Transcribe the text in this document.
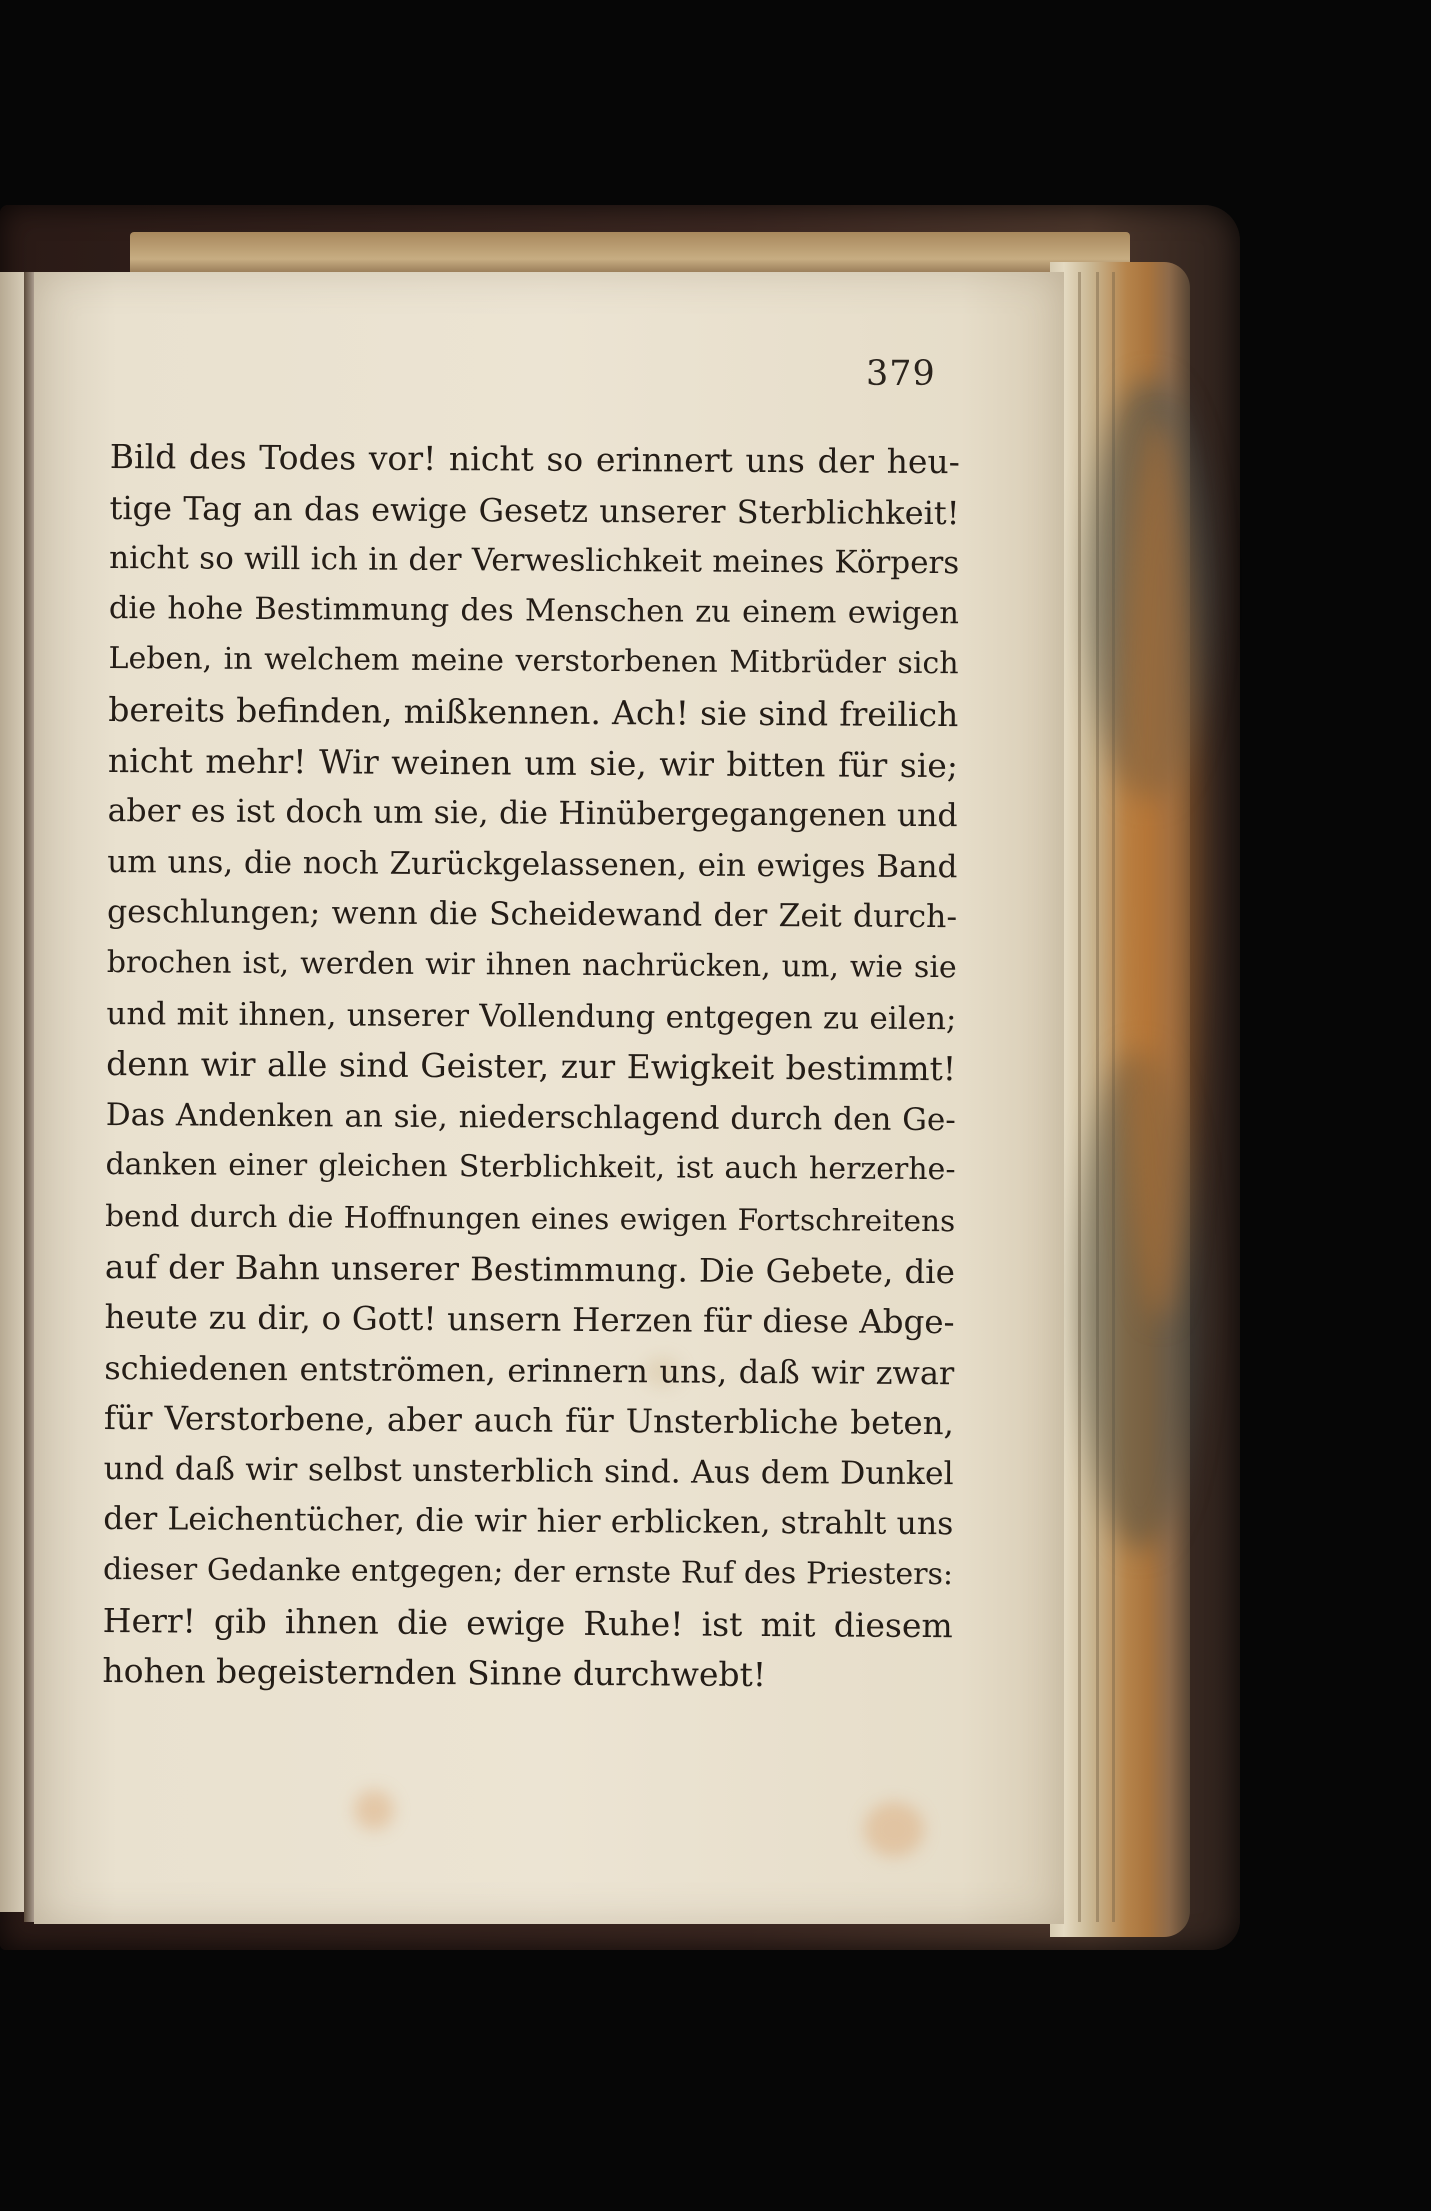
379
Bild des Todes vor! nicht so erinnert uns der heu-
tige Tag an das ewige Gesetz unserer Sterblichkeit!
nicht so will ich in der Verweslichkeit meines Körpers
die hohe Bestimmung des Menschen zu einem ewigen
Leben, in welchem meine verstorbenen Mitbrüder sich
bereits befinden, mißkennen. Ach! sie sind freilich
nicht mehr! Wir weinen um sie, wir bitten für sie;
aber es ist doch um sie, die Hinübergegangenen und
um uns, die noch Zurückgelassenen, ein ewiges Band
geschlungen; wenn die Scheidewand der Zeit durch-
brochen ist, werden wir ihnen nachrücken, um, wie sie
und mit ihnen, unserer Vollendung entgegen zu eilen;
denn wir alle sind Geister, zur Ewigkeit bestimmt!
Das Andenken an sie, niederschlagend durch den Ge-
danken einer gleichen Sterblichkeit, ist auch herzerhe-
bend durch die Hoffnungen eines ewigen Fortschreitens
auf der Bahn unserer Bestimmung. Die Gebete, die
heute zu dir, o Gott! unsern Herzen für diese Abge-
schiedenen entströmen, erinnern uns, daß wir zwar
für Verstorbene, aber auch für Unsterbliche beten,
und daß wir selbst unsterblich sind. Aus dem Dunkel
der Leichentücher, die wir hier erblicken, strahlt uns
dieser Gedanke entgegen; der ernste Ruf des Priesters:
Herr! gib ihnen die ewige Ruhe! ist mit diesem
hohen begeisternden Sinne durchwebt!
